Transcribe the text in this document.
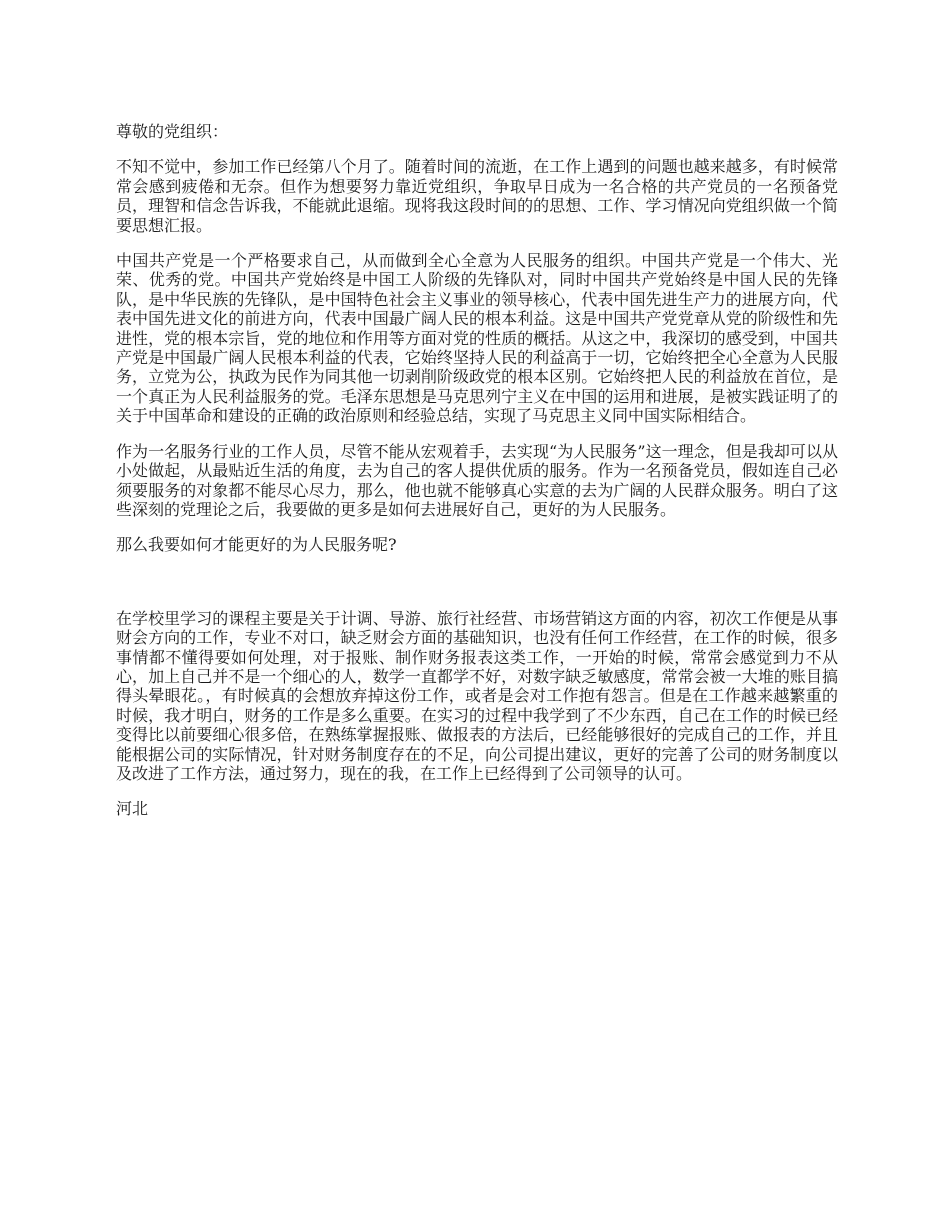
尊敬的党组织：

不知不觉中，参加工作已经第八个月了。随着时间的流逝，在工作上遇到的问题也越来越多，有时候常常会感到疲倦和无奈。但作为想要努力靠近党组织，争取早日成为一名合格的共产党员的一名预备党员，理智和信念告诉我，不能就此退缩。现将我这段时间的的思想、工作、学习情况向党组织做一个简要思想汇报。

中国共产党是一个严格要求自己，从而做到全心全意为人民服务的组织。中国共产党是一个伟大、光荣、优秀的党。中国共产党始终是中国工人阶级的先锋队对，同时中国共产党始终是中国人民的先锋队，是中华民族的先锋队，是中国特色社会主义事业的领导核心，代表中国先进生产力的进展方向，代表中国先进文化的前进方向，代表中国最广阔人民的根本利益。这是中国共产党党章从党的阶级性和先进性，党的根本宗旨，党的地位和作用等方面对党的性质的概括。从这之中，我深切的感受到，中国共产党是中国最广阔人民根本利益的代表，它始终坚持人民的利益高于一切，它始终把全心全意为人民服务，立党为公，执政为民作为同其他一切剥削阶级政党的根本区别。它始终把人民的利益放在首位，是一个真正为人民利益服务的党。毛泽东思想是马克思列宁主义在中国的运用和进展，是被实践证明了的关于中国革命和建设的正确的政治原则和经验总结，实现了马克思主义同中国实际相结合。

作为一名服务行业的工作人员，尽管不能从宏观着手，去实现“为人民服务”这一理念，但是我却可以从小处做起，从最贴近生活的角度，去为自己的客人提供优质的服务。作为一名预备党员，假如连自己必须要服务的对象都不能尽心尽力，那么，他也就不能够真心实意的去为广阔的人民群众服务。明白了这些深刻的党理论之后，我要做的更多是如何去进展好自己，更好的为人民服务。

那么我要如何才能更好的为人民服务呢?

在学校里学习的课程主要是关于计调、导游、旅行社经营、市场营销这方面的内容，初次工作便是从事财会方向的工作，专业不对口，缺乏财会方面的基础知识，也没有任何工作经营，在工作的时候，很多事情都不懂得要如何处理，对于报账、制作财务报表这类工作，一开始的时候，常常会感觉到力不从心，加上自己并不是一个细心的人，数学一直都学不好，对数字缺乏敏感度，常常会被一大堆的账目搞得头晕眼花。，有时候真的会想放弃掉这份工作，或者是会对工作抱有怨言。但是在工作越来越繁重的时候，我才明白，财务的工作是多么重要。在实习的过程中我学到了不少东西，自己在工作的时候已经变得比以前要细心很多倍，在熟练掌握报账、做报表的方法后，已经能够很好的完成自己的工作，并且能根据公司的实际情况，针对财务制度存在的不足，向公司提出建议，更好的完善了公司的财务制度以及改进了工作方法，通过努力，现在的我，在工作上已经得到了公司领导的认可。

河北
